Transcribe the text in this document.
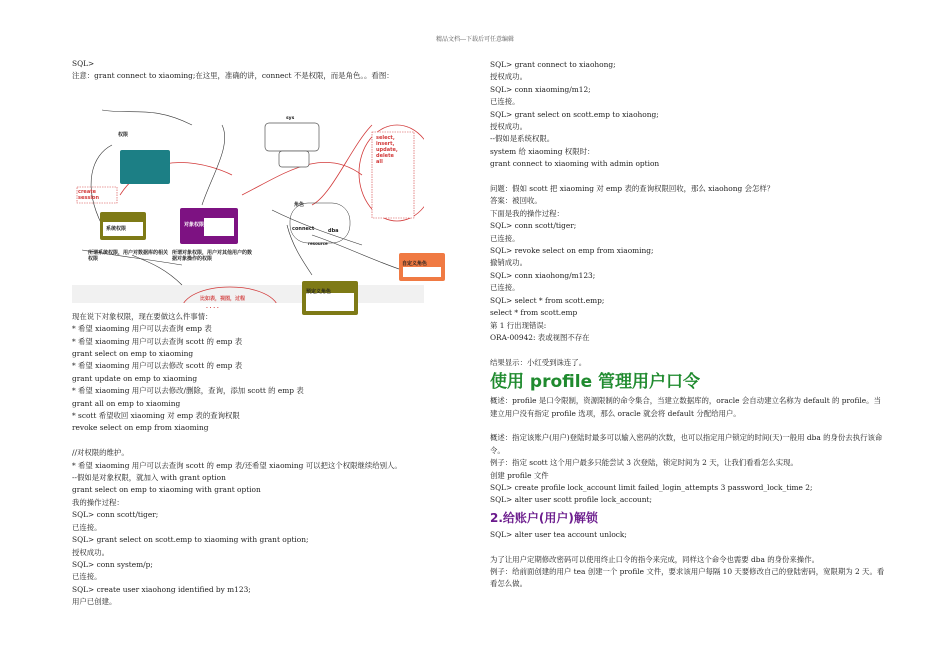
精品文档---下载后可任意编辑

SQL>

注意：grant connect to xiaoming;在这里，准确的讲，connect 不是权限，而是角色。。看图：

权限
sys
create session
系统权限
对象权限
角色
connect	dba
resource
所谓系统权限，用户对数据库的相关权限
所谓对象权限，用户对其他用户的数据对象操作的权限
自定义角色
预定义角色
比如表，视图，过程
. . . .
select,
insert,
update,
delete
all

现在说下对象权限，现在要做这么件事情：

* 希望 xiaoming 用户可以去查询 emp 表

* 希望 xiaoming 用户可以去查询 scott 的 emp 表

grant select on emp to xiaoming

* 希望 xiaoming 用户可以去修改 scott 的 emp 表

grant update on emp to xiaoming

* 希望 xiaoming 用户可以去修改/删除，查询，添加 scott 的 emp 表

grant all on emp to xiaoming

* scott 希望收回 xiaoming 对 emp 表的查询权限

revoke select on emp from xiaoming

//对权限的维护。

* 希望 xiaoming 用户可以去查询 scott 的 emp 表/还希望 xiaoming 可以把这个权限继续给别人。

--假如是对象权限，就加入 with grant option

grant select on emp to xiaoming with grant option

我的操作过程：

SQL> conn scott/tiger;

已连接。

SQL> grant select on scott.emp to xiaoming with grant option;

授权成功。

SQL> conn system/p;

已连接。

SQL> create user xiaohong identified by m123;

用户已创建。

SQL> grant connect to xiaohong;

授权成功。

SQL> conn xiaoming/m12;

已连接。

SQL> grant select on scott.emp to xiaohong;

授权成功。

--假如是系统权限。

system 给 xiaoming 权限时：

grant connect to xiaoming with admin option

问题：假如 scott 把 xiaoming 对 emp 表的查询权限回收，那么 xiaohong 会怎样？

答案：被回收。

下面是我的操作过程：

SQL> conn scott/tiger;

已连接。

SQL> revoke select on emp from xiaoming;

撤销成功。

SQL> conn xiaohong/m123;

已连接。

SQL> select * from scott.emp;

select * from scott.emp

第 1 行出现错误:

ORA-00942: 表或视图不存在

结果显示：小红受到诛连了。

使用 profile 管理用户口令

概述：profile 是口令限制，资源限制的命令集合，当建立数据库的，oracle 会自动建立名称为 default 的 profile。当建立用户没有指定 profile 选项，那么 oracle 就会将 default 分配给用户。

概述：指定该账户(用户)登陆时最多可以输入密码的次数，也可以指定用户锁定的时间(天)一般用 dba 的身份去执行该命令。

例子：指定 scott 这个用户最多只能尝试 3 次登陆，锁定时间为 2 天，让我们看看怎么实现。

创建 profile 文件

SQL> create profile lock_account limit failed_login_attempts 3 password_lock_time 2;

SQL> alter user scott profile lock_account;

2.给账户(用户)解锁

SQL> alter user tea account unlock;

为了让用户定期修改密码可以使用终止口令的指令来完成，同样这个命令也需要 dba 的身份来操作。

例子：给前面创建的用户 tea 创建一个 profile 文件，要求该用户每隔 10 天要修改自己的登陆密码，宽限期为 2 天。看看怎么做。
